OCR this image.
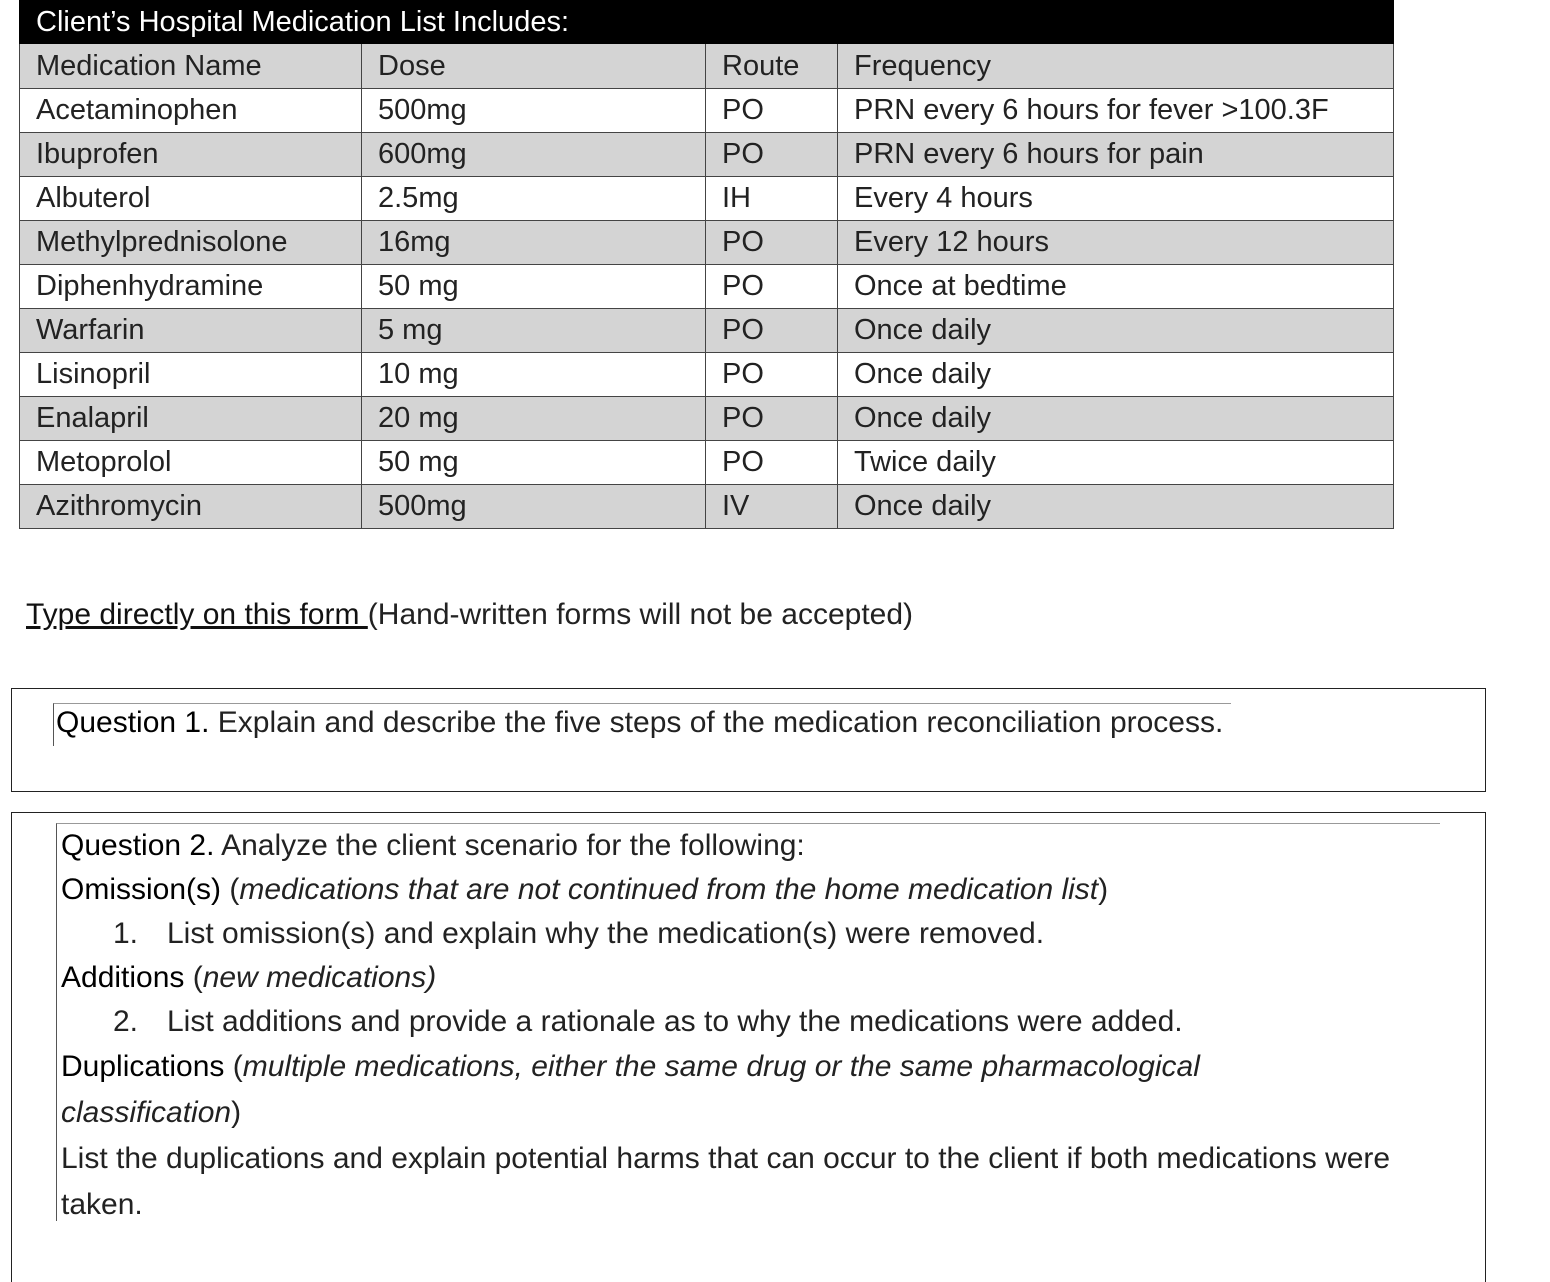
Client’s Hospital Medication List Includes:			
Medication Name	Dose	Route	Frequency
Acetaminophen	500mg	PO	PRN every 6 hours for fever >100.3F
Ibuprofen	600mg	PO	PRN every 6 hours for pain
Albuterol	2.5mg	IH	Every 4 hours
Methylprednisolone	16mg	PO	Every 12 hours
Diphenhydramine	50 mg	PO	Once at bedtime
Warfarin	5 mg	PO	Once daily
Lisinopril	10 mg	PO	Once daily
Enalapril	20 mg	PO	Once daily
Metoprolol	50 mg	PO	Twice daily
Azithromycin	500mg	IV	Once daily
Type directly on this form (Hand-written forms will not be accepted)
Question 1. Explain and describe the five steps of the medication reconciliation process.
Question 2. Analyze the client scenario for the following:
Omission(s) (medications that are not continued from the home medication list)
1. List omission(s) and explain why the medication(s) were removed.
Additions (new medications)
2. List additions and provide a rationale as to why the medications were added.
Duplications (multiple medications, either the same drug or the same pharmacological classification)
List the duplications and explain potential harms that can occur to the client if both medications were taken.
